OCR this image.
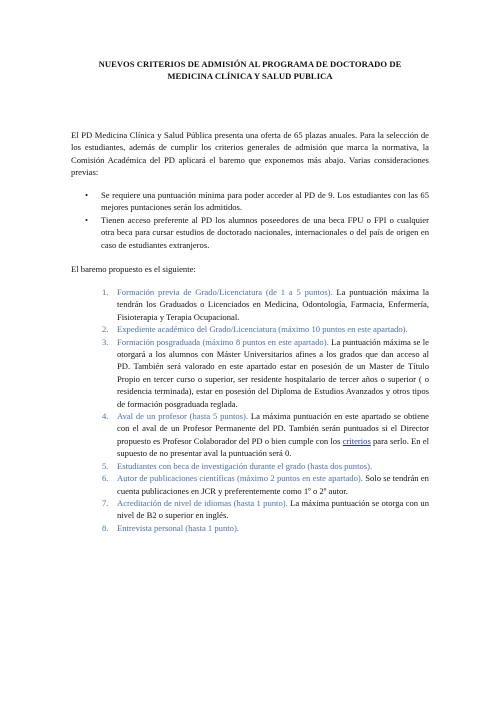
NUEVOS CRITERIOS DE ADMISIÓN AL PROGRAMA DE DOCTORADO DE
MEDICINA CLÍNICA Y SALUD PUBLICA

El PD Medicina Clínica y Salud Pública presenta una oferta de 65 plazas anuales. Para la selección de los estudiantes, además de cumplir los criterios generales de admisión que marca la normativa, la Comisión Académica del PD aplicará el baremo que exponemos más abajo. Varias consideraciones previas:

• Se requiere una puntuación mínima para poder acceder al PD de 9. Los estudiantes con las 65 mejores puntaciones serán los admitidos.
• Tienen acceso preferente al PD los alumnos poseedores de una beca FPU o FPI o cualquier otra beca para cursar estudios de doctorado nacionales, internacionales o del país de origen en caso de estudiantes extranjeros.

El baremo propuesto es el siguiente:

1. Formación previa de Grado/Licenciatura (de 1 a 5 puntos). La puntuación máxima la tendrán los Graduados o Licenciados en Medicina, Odontología, Farmacia, Enfermería, Fisioterapia y Terapia Ocupacional.
2. Expediente académico del Grado/Licenciatura (máximo 10 puntos en este apartado).
3. Formación posgraduada (máximo 8 puntos en este apartado). La puntuación máxima se le otorgará a los alumnos con Máster Universitarios afines a los grados que dan acceso al PD. También será valorado en este apartado estar en posesión de un Master de Título Propio en tercer curso o superior, ser residente hospitalario de tercer años o superior ( o residencia terminada), estar en posesión del Diploma de Estudios Avanzados y otros tipos de formación posgraduada reglada.
4. Aval de un profesor (hasta 5 puntos). La máxima puntuación en este apartado se obtiene con el aval de un Profesor Permanente del PD. También serán puntuados si el Director propuesto es Profesor Colaborador del PD o bien cumple con los criterios para serlo. En el supuesto de no presentar aval la puntuación será 0.
5. Estudiantes con beca de investigación durante el grado (hasta dos puntos).
6. Autor de publicaciones científicas (máximo 2 puntos en este apartado). Solo se tendrán en cuenta publicaciones en JCR y preferentemente como 1º o 2º autor.
7. Acreditación de nivel de idiomas (hasta 1 punto). La máxima puntuación se otorga con un nivel de B2 o superior en inglés.
8. Entrevista personal (hasta 1 punto).
